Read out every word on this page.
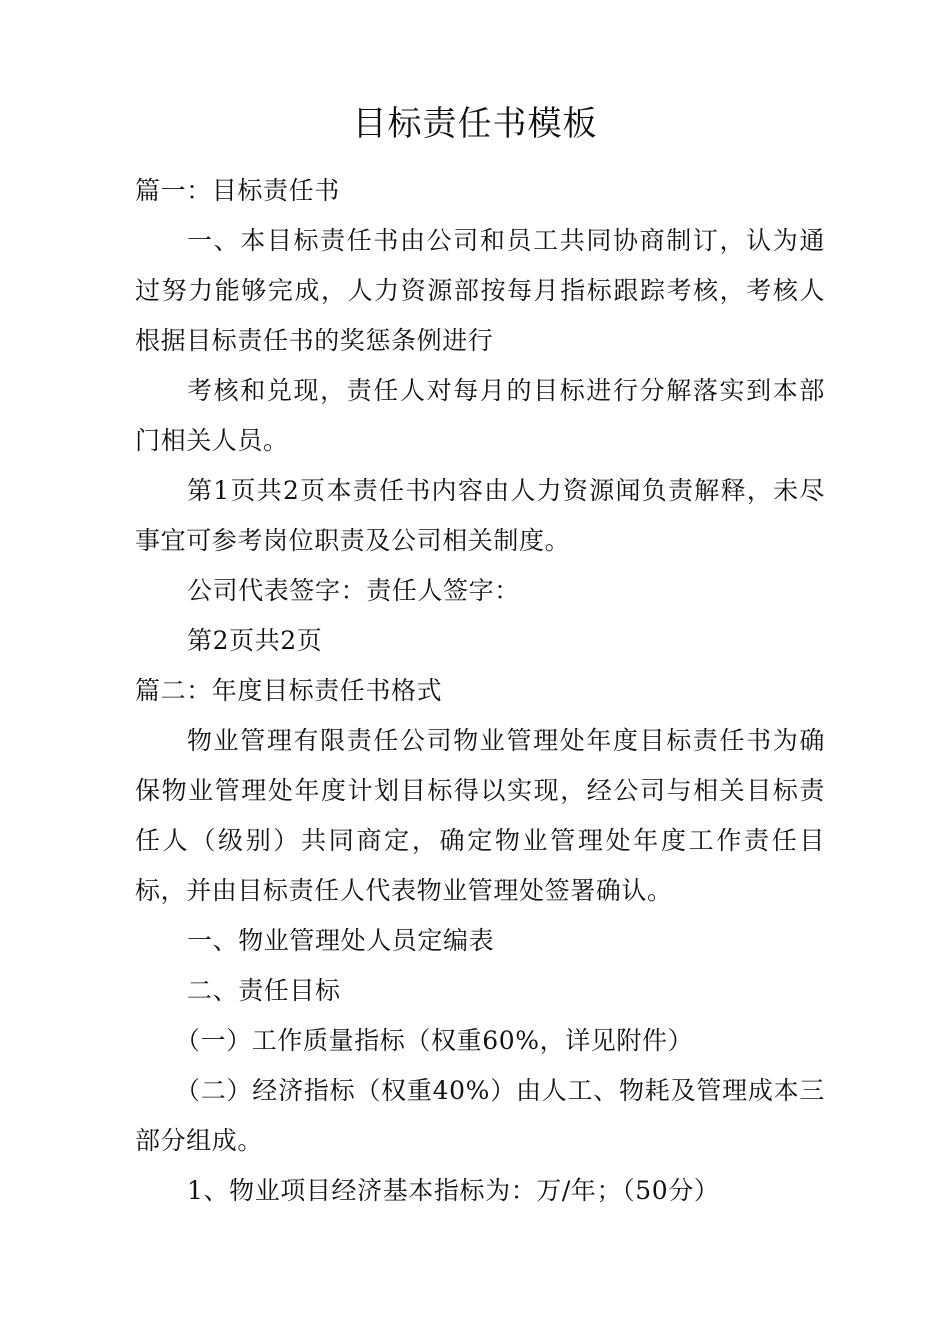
目标责任书模板

篇一：目标责任书

一、本目标责任书由公司和员工共同协商制订，认为通过努力能够完成，人力资源部按每月指标跟踪考核，考核人根据目标责任书的奖惩条例进行

考核和兑现，责任人对每月的目标进行分解落实到本部门相关人员。

第1页共2页本责任书内容由人力资源闻负责解释，未尽事宜可参考岗位职责及公司相关制度。

公司代表签字：责任人签字：

第2页共2页

篇二：年度目标责任书格式

物业管理有限责任公司物业管理处年度目标责任书为确保物业管理处年度计划目标得以实现，经公司与相关目标责任人（级别）共同商定，确定物业管理处年度工作责任目标，并由目标责任人代表物业管理处签署确认。

一、物业管理处人员定编表

二、责任目标

（一）工作质量指标（权重60%，详见附件）

（二）经济指标（权重40%）由人工、物耗及管理成本三部分组成。

1、物业项目经济基本指标为：万/年；（50分）
